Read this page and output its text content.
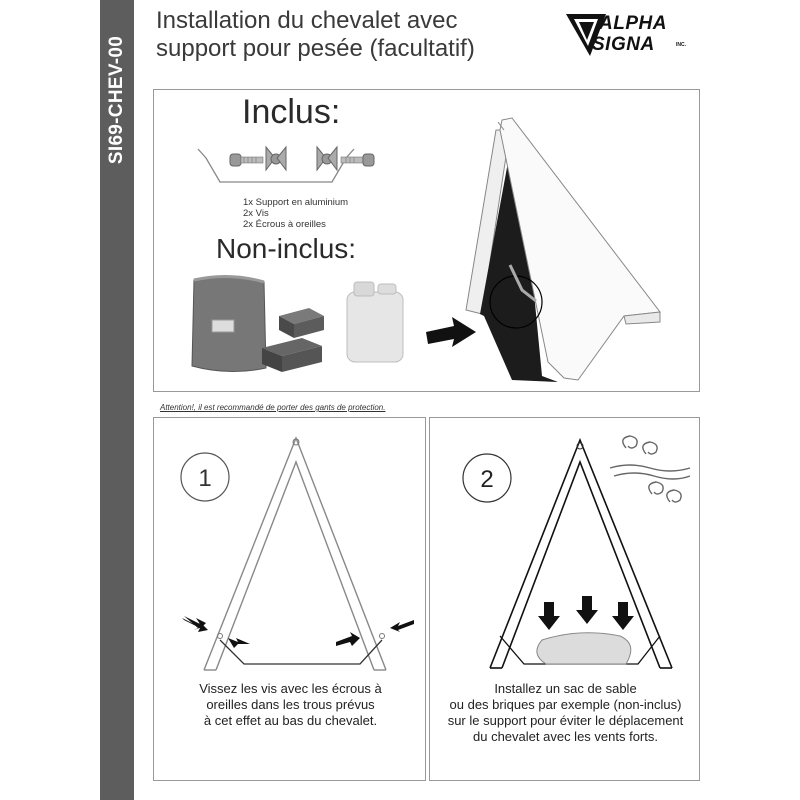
SI69-CHEV-00
Installation du chevalet avec
support pour pesée (facultatif)
ALPHA
SIGNA	INC.
Inclus:
1x Support en aluminium
2x Vis
2x Écrous à oreilles
Non-inclus:
Attention!, il est recommandé de porter des gants de protection.
1
Vissez les vis avec les écrous à
oreilles dans les trous prévus
à cet effet au bas du chevalet.
2
Installez un sac de sable
ou des briques par exemple (non-inclus)
sur le support pour éviter le déplacement
du chevalet avec les vents forts.
